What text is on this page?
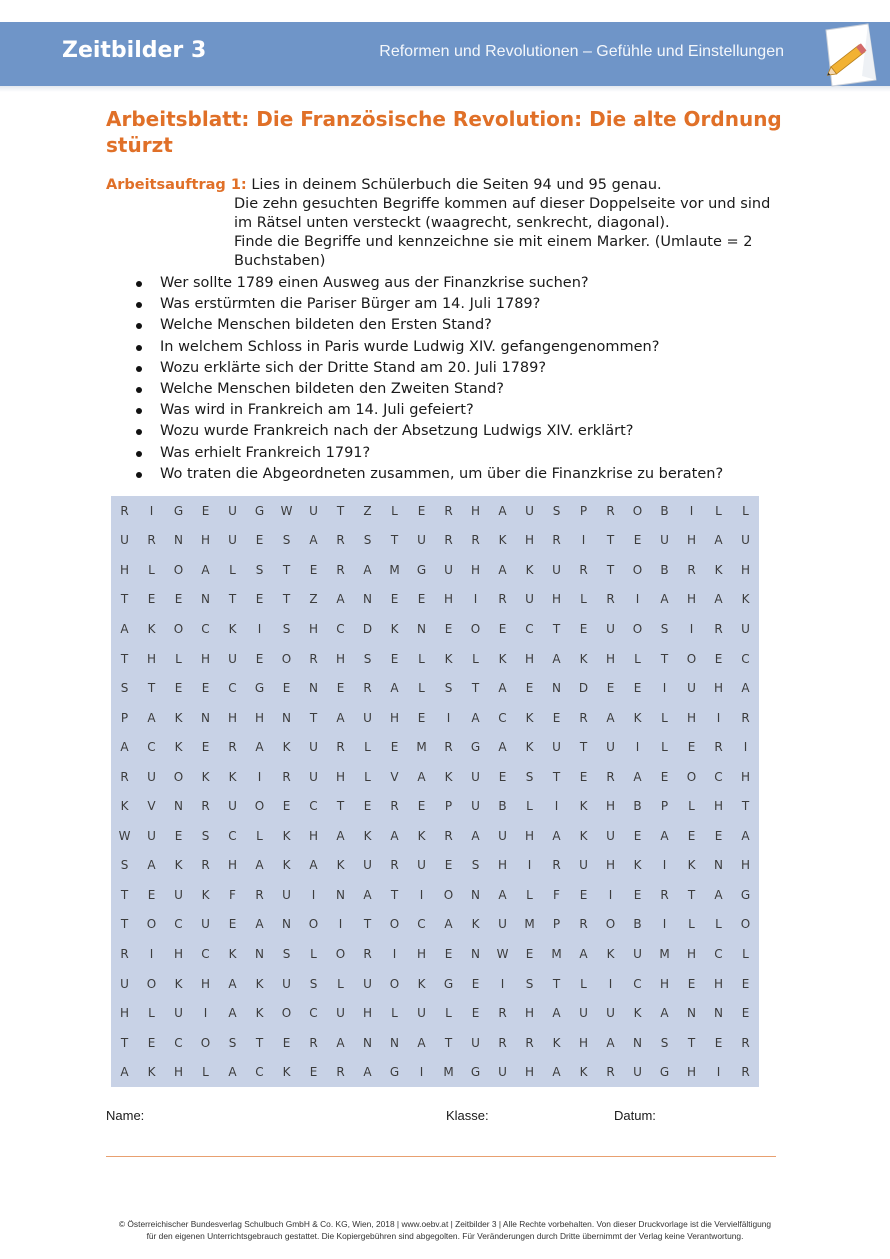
Zeitbilder 3	Reformen und Revolutionen – Gefühle und Einstellungen
Arbeitsblatt: Die Französische Revolution: Die alte Ordnung stürzt
Arbeitsauftrag 1: Lies in deinem Schülerbuch die Seiten 94 und 95 genau.
Die zehn gesuchten Begriffe kommen auf dieser Doppelseite vor und sind
im Rätsel unten versteckt (waagrecht, senkrecht, diagonal).
Finde die Begriffe und kennzeichne sie mit einem Marker. (Umlaute = 2
Buchstaben)
Wer sollte 1789 einen Ausweg aus der Finanzkrise suchen?
Was erstürmten die Pariser Bürger am 14. Juli 1789?
Welche Menschen bildeten den Ersten Stand?
In welchem Schloss in Paris wurde Ludwig XIV. gefangengenommen?
Wozu erklärte sich der Dritte Stand am 20. Juli 1789?
Welche Menschen bildeten den Zweiten Stand?
Was wird in Frankreich am 14. Juli gefeiert?
Wozu wurde Frankreich nach der Absetzung Ludwigs XIV. erklärt?
Was erhielt Frankreich 1791?
Wo traten die Abgeordneten zusammen, um über die Finanzkrise zu beraten?
R	I	G	E	U	G	W	U	T	Z	L	E	R	H	A	U	S	P	R	O	B	I	L	L
U	R	N	H	U	E	S	A	R	S	T	U	R	R	K	H	R	I	T	E	U	H	A	U
H	L	O	A	L	S	T	E	R	A	M	G	U	H	A	K	U	R	T	O	B	R	K	H
T	E	E	N	T	E	T	Z	A	N	E	E	H	I	R	U	H	L	R	I	A	H	A	K
A	K	O	C	K	I	S	H	C	D	K	N	E	O	E	C	T	E	U	O	S	I	R	U
T	H	L	H	U	E	O	R	H	S	E	L	K	L	K	H	A	K	H	L	T	O	E	C
S	T	E	E	C	G	E	N	E	R	A	L	S	T	A	E	N	D	E	E	I	U	H	A
P	A	K	N	H	H	N	T	A	U	H	E	I	A	C	K	E	R	A	K	L	H	I	R
A	C	K	E	R	A	K	U	R	L	E	M	R	G	A	K	U	T	U	I	L	E	R	I
R	U	O	K	K	I	R	U	H	L	V	A	K	U	E	S	T	E	R	A	E	O	C	H
K	V	N	R	U	O	E	C	T	E	R	E	P	U	B	L	I	K	H	B	P	L	H	T
W	U	E	S	C	L	K	H	A	K	A	K	R	A	U	H	A	K	U	E	A	E	E	A
S	A	K	R	H	A	K	A	K	U	R	U	E	S	H	I	R	U	H	K	I	K	N	H
T	E	U	K	F	R	U	I	N	A	T	I	O	N	A	L	F	E	I	E	R	T	A	G
T	O	C	U	E	A	N	O	I	T	O	C	A	K	U	M	P	R	O	B	I	L	L	O
R	I	H	C	K	N	S	L	O	R	I	H	E	N	W	E	M	A	K	U	M	H	C	L
U	O	K	H	A	K	U	S	L	U	O	K	G	E	I	S	T	L	I	C	H	E	H	E
H	L	U	I	A	K	O	C	U	H	L	U	L	E	R	H	A	U	U	K	A	N	N	E
T	E	C	O	S	T	E	R	A	N	N	A	T	U	R	R	K	H	A	N	S	T	E	R
A	K	H	L	A	C	K	E	R	A	G	I	M	G	U	H	A	K	R	U	G	H	I	R
Name:	Klasse:	Datum:
© Österreichischer Bundesverlag Schulbuch GmbH & Co. KG, Wien, 2018 | www.oebv.at | Zeitbilder 3 | Alle Rechte vorbehalten. Von dieser Druckvorlage ist die Vervielfältigung
für den eigenen Unterrichtsgebrauch gestattet. Die Kopiergebühren sind abgegolten. Für Veränderungen durch Dritte übernimmt der Verlag keine Verantwortung.
